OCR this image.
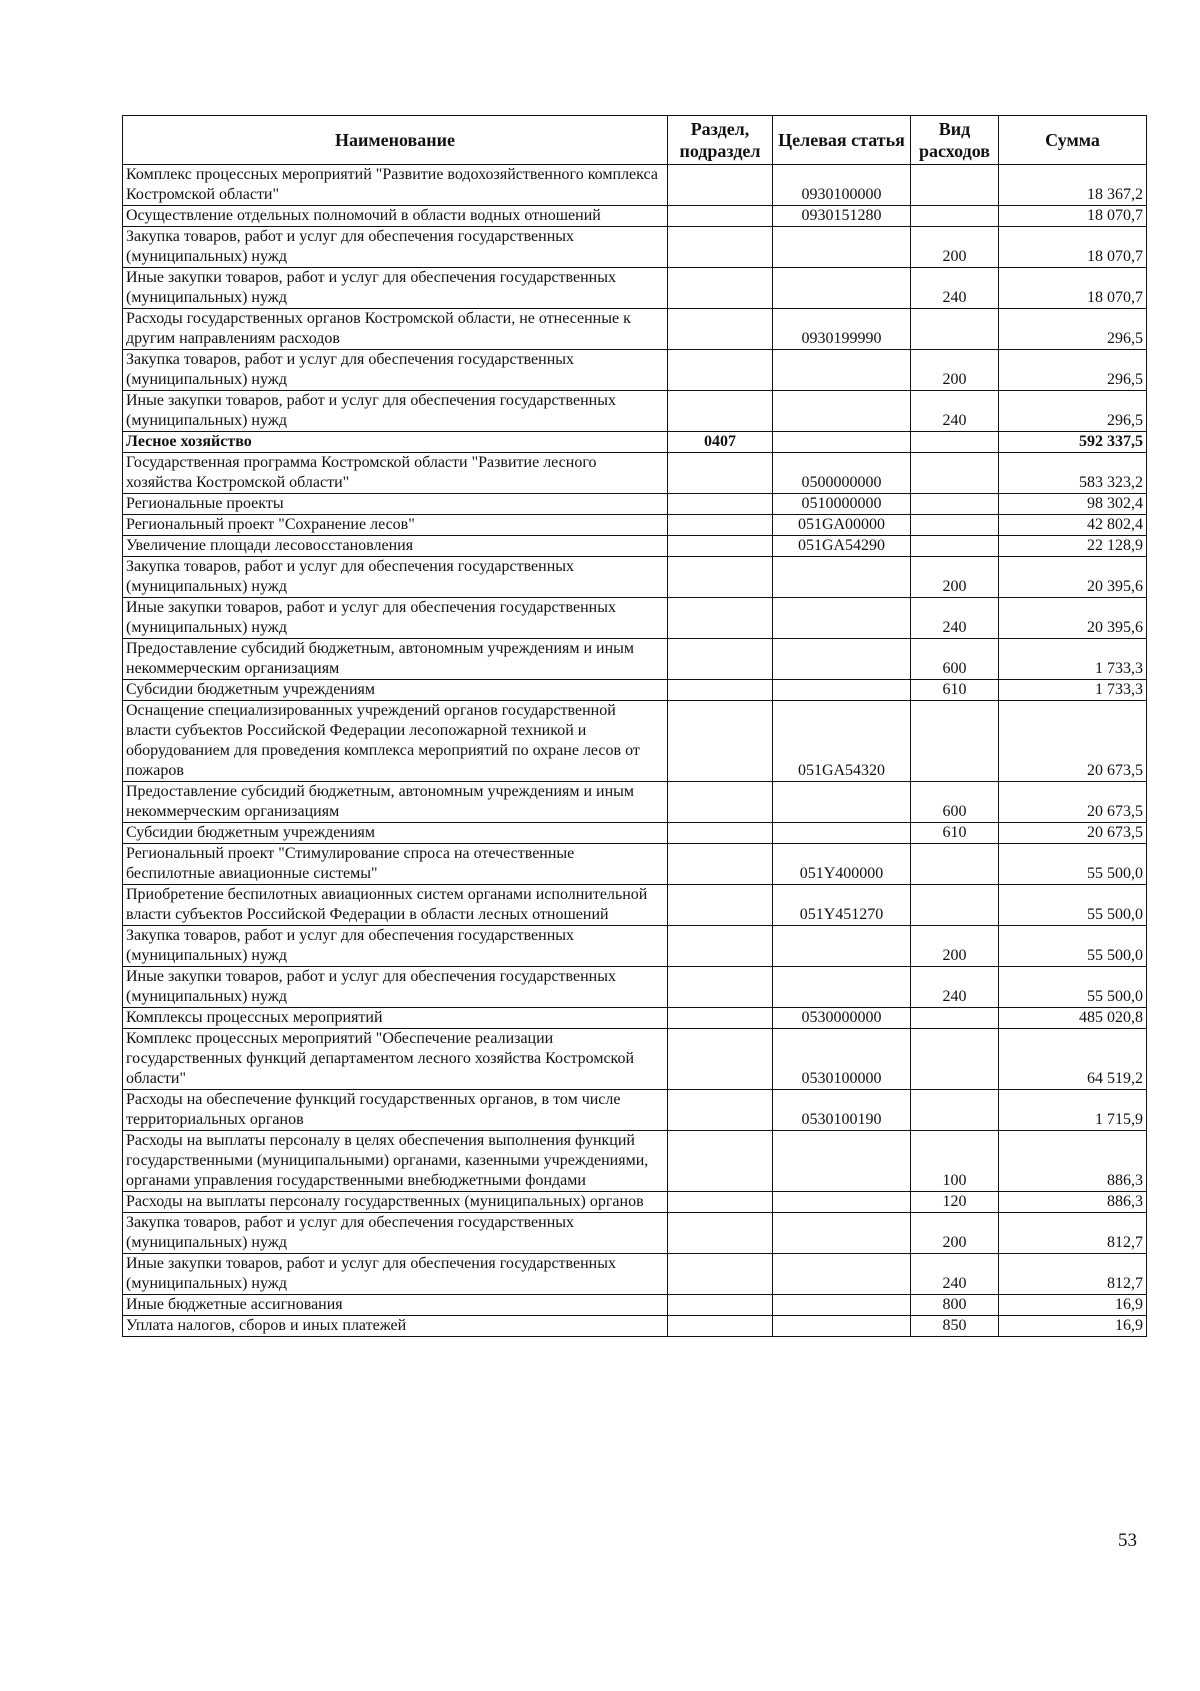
Наименование	Раздел, подраздел	Целевая статья	Вид расходов	Сумма
Комплекс процессных мероприятий "Развитие водохозяйственного комплекса Костромской области"		0930100000		18 367,2
Осуществление отдельных полномочий в области водных отношений		0930151280		18 070,7
Закупка товаров, работ и услуг для обеспечения государственных (муниципальных) нужд			200	18 070,7
Иные закупки товаров, работ и услуг для обеспечения государственных (муниципальных) нужд			240	18 070,7
Расходы государственных органов Костромской области, не отнесенные к другим направлениям расходов		0930199990		296,5
Закупка товаров, работ и услуг для обеспечения государственных (муниципальных) нужд			200	296,5
Иные закупки товаров, работ и услуг для обеспечения государственных (муниципальных) нужд			240	296,5
Лесное хозяйство	0407			592 337,5
Государственная программа Костромской области "Развитие лесного хозяйства Костромской области"		0500000000		583 323,2
Региональные проекты		0510000000		98 302,4
Региональный проект "Сохранение лесов"		051GA00000		42 802,4
Увеличение площади лесовосстановления		051GA54290		22 128,9
Закупка товаров, работ и услуг для обеспечения государственных (муниципальных) нужд			200	20 395,6
Иные закупки товаров, работ и услуг для обеспечения государственных (муниципальных) нужд			240	20 395,6
Предоставление субсидий бюджетным, автономным учреждениям и иным некоммерческим организациям			600	1 733,3
Субсидии бюджетным учреждениям			610	1 733,3
Оснащение специализированных учреждений органов государственной власти субъектов Российской Федерации лесопожарной техникой и оборудованием для проведения комплекса мероприятий по охране лесов от пожаров		051GA54320		20 673,5
Предоставление субсидий бюджетным, автономным учреждениям и иным некоммерческим организациям			600	20 673,5
Субсидии бюджетным учреждениям			610	20 673,5
Региональный проект "Стимулирование спроса на отечественные беспилотные авиационные системы"		051Y400000		55 500,0
Приобретение беспилотных авиационных систем органами исполнительной власти субъектов Российской Федерации в области лесных отношений		051Y451270		55 500,0
Закупка товаров, работ и услуг для обеспечения государственных (муниципальных) нужд			200	55 500,0
Иные закупки товаров, работ и услуг для обеспечения государственных (муниципальных) нужд			240	55 500,0
Комплексы процессных мероприятий		0530000000		485 020,8
Комплекс процессных мероприятий "Обеспечение реализации государственных функций департаментом лесного хозяйства Костромской области"		0530100000		64 519,2
Расходы на обеспечение функций государственных органов, в том числе территориальных органов		0530100190		1 715,9
Расходы на выплаты персоналу в целях обеспечения выполнения функций государственными (муниципальными) органами, казенными учреждениями, органами управления государственными внебюджетными фондами			100	886,3
Расходы на выплаты персоналу государственных (муниципальных) органов			120	886,3
Закупка товаров, работ и услуг для обеспечения государственных (муниципальных) нужд			200	812,7
Иные закупки товаров, работ и услуг для обеспечения государственных (муниципальных) нужд			240	812,7
Иные бюджетные ассигнования			800	16,9
Уплата налогов, сборов и иных платежей			850	16,9
53
